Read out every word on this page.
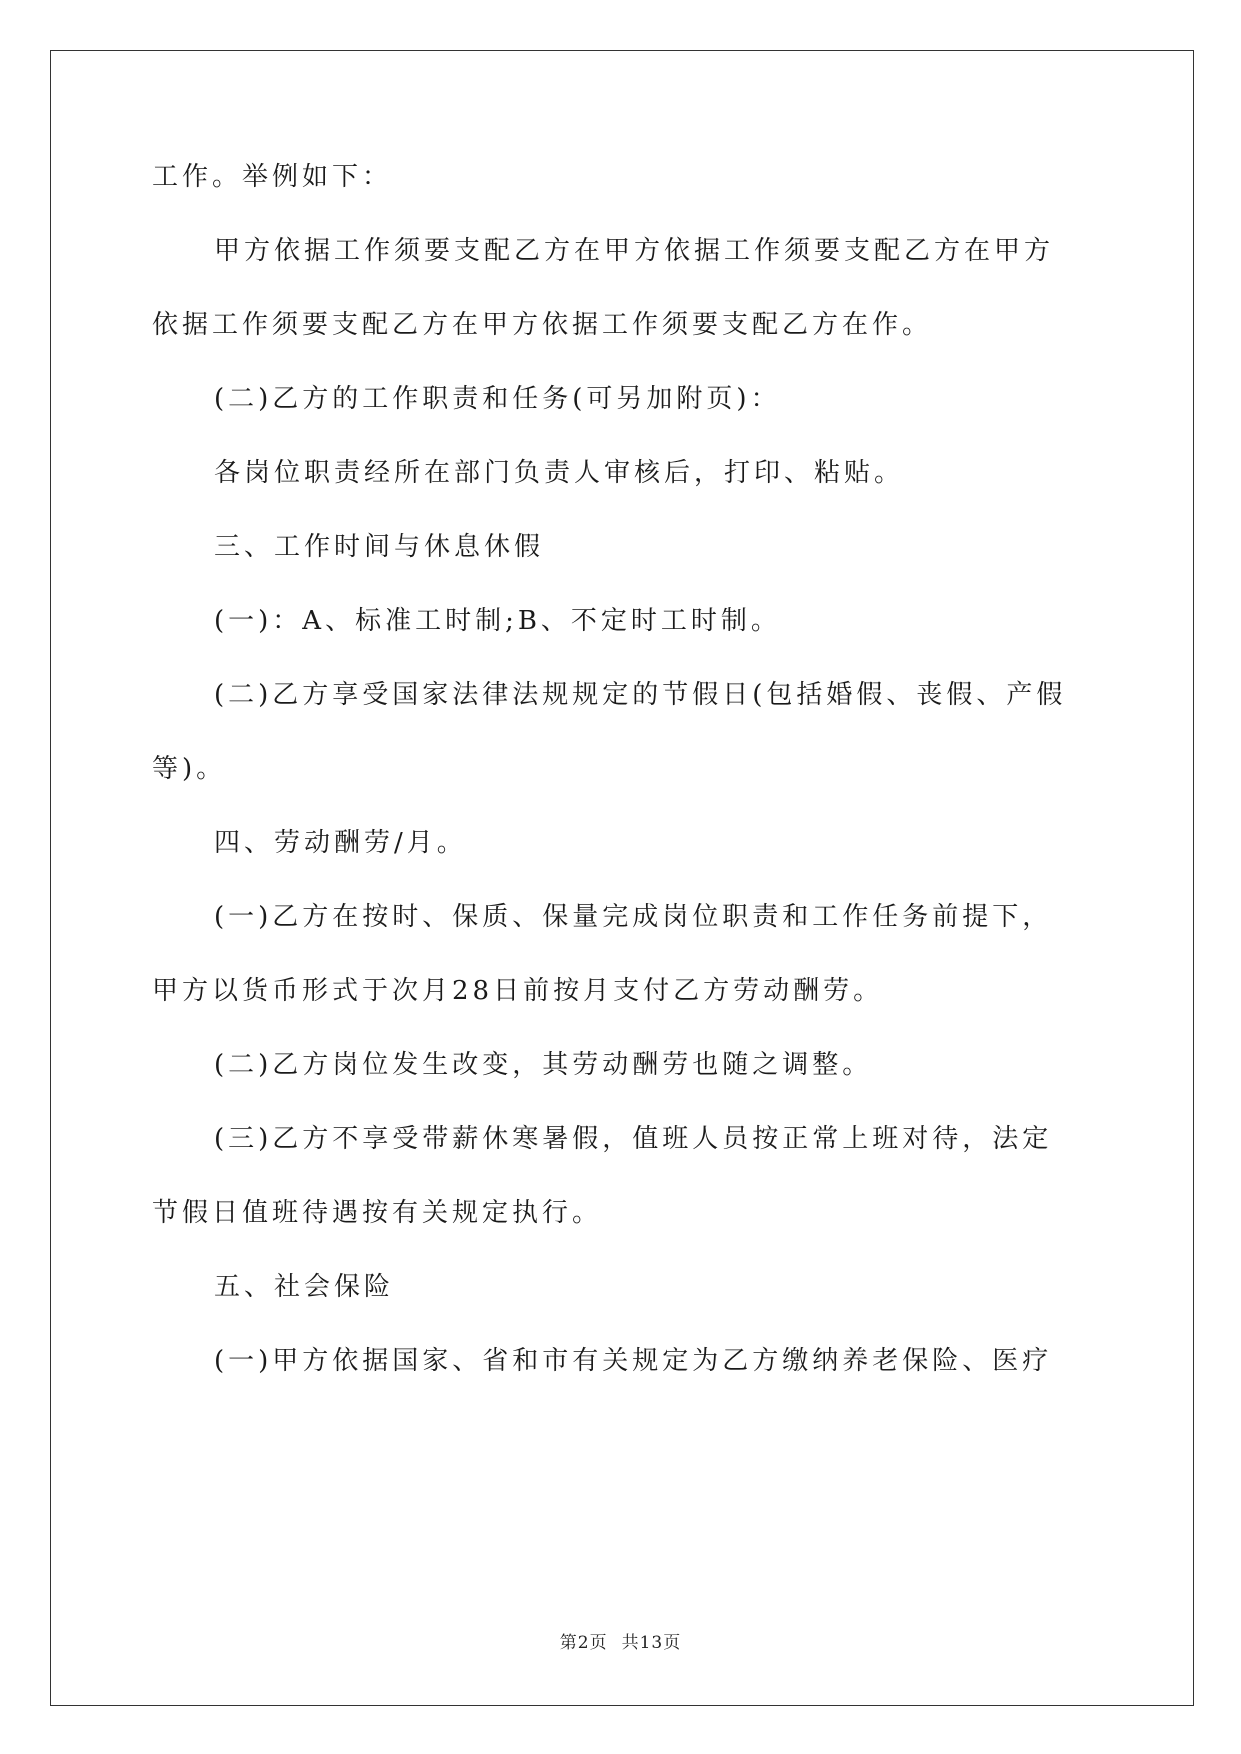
工作。举例如下：

甲方依据工作须要支配乙方在甲方依据工作须要支配乙方在甲方

依据工作须要支配乙方在甲方依据工作须要支配乙方在作。

(二)乙方的工作职责和任务(可另加附页)：

各岗位职责经所在部门负责人审核后，打印、粘贴。

三、工作时间与休息休假

(一)：A、标准工时制;B、不定时工时制。

(二)乙方享受国家法律法规规定的节假日(包括婚假、丧假、产假

等)。

四、劳动酬劳/月。

(一)乙方在按时、保质、保量完成岗位职责和工作任务前提下，

甲方以货币形式于次月28日前按月支付乙方劳动酬劳。

(二)乙方岗位发生改变，其劳动酬劳也随之调整。

(三)乙方不享受带薪休寒暑假，值班人员按正常上班对待，法定

节假日值班待遇按有关规定执行。

五、社会保险

(一)甲方依据国家、省和市有关规定为乙方缴纳养老保险、医疗

第2页 共13页
